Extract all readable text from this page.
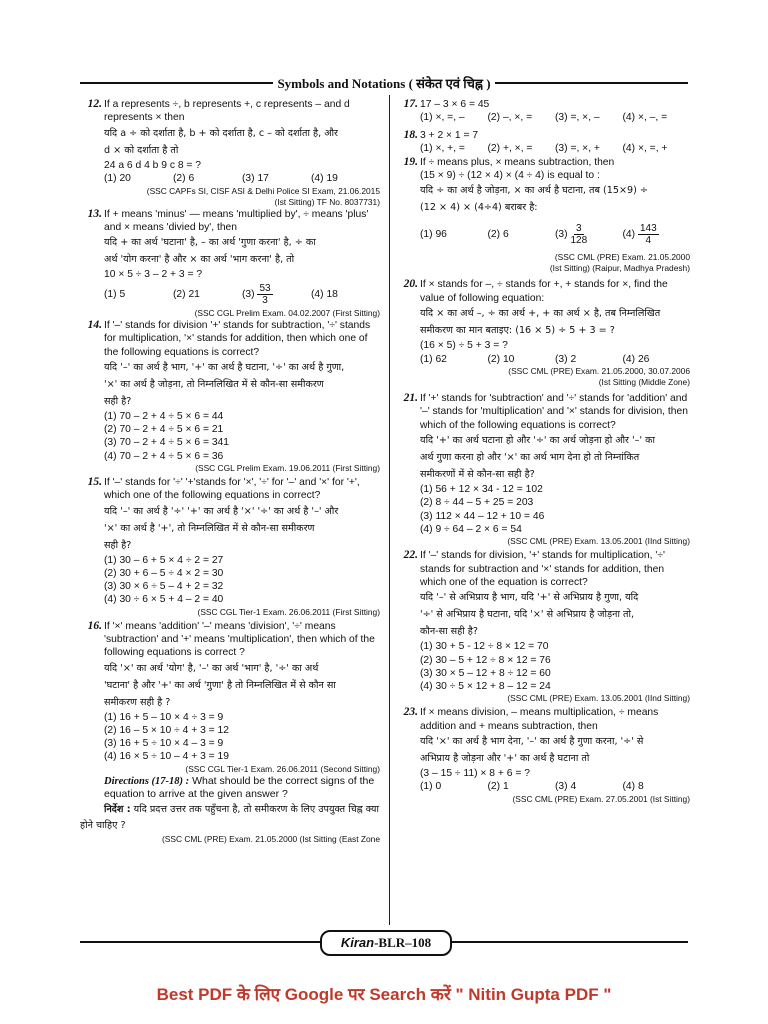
Symbols and Notations ( संकेत एवं चिह्न )
12. If a represents ÷, b represents +, c represents – and d represents × then
यदि a ÷ को दर्शाता है, b + को दर्शाता है, c – को दर्शाता है, और
d × को दर्शाता है तो
24 a 6 d 4 b 9 c 8 = ?
(1) 20	(2) 6	(3) 17	(4) 19
(SSC CAPFs SI, CISF ASI & Delhi Police SI Exam, 21.06.2015
(Ist Sitting) TF No. 8037731)
13. If + means 'minus' — means 'multiplied by', ÷ means 'plus' and × means 'divied by', then
यदि + का अर्थ 'घटाना' है, – का अर्थ 'गुणा करना' है, ÷ का
अर्थ 'योग करना' है और × का अर्थ 'भाग करना' है, तो
10 × 5 ÷ 3 – 2 + 3 = ?
(1) 5	(2) 21	$(3) \frac{53}{3}$	(4) 18
(SSC CGL Prelim Exam. 04.02.2007 (First Sitting)
14. If '–' stands for division '+' stands for subtraction, '÷' stands for multiplication, '×' stands for addition, then which one of the following equations is correct?
यदि '–' का अर्थ है भाग, '+' का अर्थ है घटाना, '÷' का अर्थ है गुणा,
'×' का अर्थ है जोड़ना, तो निम्नलिखित में से कौन-सा समीकरण
सही है?
(1) 70 – 2 + 4 ÷ 5 × 6 = 44
(2) 70 – 2 + 4 ÷ 5 × 6 = 21
(3) 70 – 2 + 4 ÷ 5 × 6 = 341
(4) 70 – 2 + 4 ÷ 5 × 6 = 36
(SSC CGL Prelim Exam. 19.06.2011 (First Sitting)
15. If '–' stands for '÷' '+'stands for '×', '÷' for '–' and '×' for '+', which one of the following equations in correct?
यदि '–' का अर्थ है '÷' '+' का अर्थ है '×' '÷' का अर्थ है '–' और
'×' का अर्थ है '+', तो निम्नलिखित में से कौन-सा समीकरण
सही है?
(1) 30 – 6 + 5 × 4 ÷ 2 = 27
(2) 30 + 6 – 5 ÷ 4 × 2 = 30
(3) 30 × 6 ÷ 5 – 4 + 2 = 32
(4) 30 ÷ 6 × 5 + 4 – 2 = 40
(SSC CGL Tier-1 Exam. 26.06.2011 (First Sitting)
16. If '×' means 'addition' '–' means 'division', '÷' means 'subtraction' and '+' means 'multiplication', then which of the following equations is correct ?
यदि '×' का अर्थ 'योग' है, '–' का अर्थ 'भाग' है, '÷' का अर्थ
'घटाना' है और '+' का अर्थ 'गुणा' है तो निम्नलिखित में से कौन सा
समीकरण सही है ?
(1) 16 + 5 – 10 × 4 ÷ 3 = 9
(2) 16 – 5 × 10 ÷ 4 + 3 = 12
(3) 16 + 5 ÷ 10 × 4 – 3 = 9
(4) 16 × 5 ÷ 10 – 4 + 3 = 19
(SSC CGL Tier-1 Exam. 26.06.2011 (Second Sitting)
Directions (17-18) : What should be the correct signs of the equation to arrive at the given answer ?
निर्देश : यदि प्रदत्त उत्तर तक पहुँचना है, तो समीकरण के लिए उपयुक्त चिह्न क्या होने चाहिए ?
(SSC CML (PRE) Exam. 21.05.2000 (Ist Sitting (East Zone
17. 17 – 3 × 6 = 45
(1) ×, =, –	(2) –, ×, =	(3) =, ×, –	(4) ×, –, =
18. 3 + 2 × 1 = 7
(1) ×, +, =	(2) +, ×, =	(3) =, ×, +	(4) ×, =, +
19. If ÷ means plus, × means subtraction, then
(15 × 9) ÷ (12 × 4) × (4 ÷ 4) is equal to :
यदि ÷ का अर्थ है जोड़ना, × का अर्थ है घटाना, तब (15×9) ÷
(12 × 4) × (4÷4) बराबर है:
(1) 96	(2) 6	$(3) \frac{3}{128}$	$(4) \frac{143}{4}$
(SSC CML (PRE) Exam. 21.05.2000
(Ist Sitting) (Raipur, Madhya Pradesh)
20. If × stands for –, ÷ stands for +, + stands for ×, find the value of following equation:
यदि × का अर्थ –, ÷ का अर्थ +, + का अर्थ × है, तब निम्नलिखित
समीकरण का मान बताइए: (16 × 5) ÷ 5 + 3 = ?
(16 × 5) ÷ 5 + 3 = ?
(1) 62	(2) 10	(3) 2	(4) 26
(SSC CML (PRE) Exam. 21.05.2000, 30.07.2006
(Ist Sitting (Middle Zone)
21. If '+' stands for 'subtraction' and '÷' stands for 'addition' and '–' stands for 'multiplication' and '×' stands for division, then which of the following equations is correct?
यदि '+' का अर्थ घटाना हो और '÷' का अर्थ जोड़ना हो और '–' का
अर्थ गुणा करना हो और '×' का अर्थ भाग देना हो तो निम्नांकित
समीकरणों में से कौन-सा सही है?
(1) 56 + 12 × 34 - 12 = 102
(2) 8 ÷ 44 – 5 + 25 = 203
(3) 112 × 44 – 12 + 10 = 46
(4) 9 ÷ 64 – 2 × 6 = 54
(SSC CML (PRE) Exam. 13.05.2001 (IInd Sitting)
22. If '–' stands for division, '+' stands for multiplication, '÷' stands for subtraction and '×' stands for addition, then which one of the equation is correct?
यदि '–' से अभिप्राय है भाग, यदि '+' से अभिप्राय है गुणा, यदि
'÷' से अभिप्राय है घटाना, यदि '×' से अभिप्राय है जोड़ना तो,
कौन-सा सही है?
(1) 30 + 5 - 12 ÷ 8 × 12 = 70
(2) 30 – 5 + 12 ÷ 8 × 12 = 76
(3) 30 × 5 – 12 + 8 ÷ 12 = 60
(4) 30 ÷ 5 × 12 + 8 – 12 = 24
(SSC CML (PRE) Exam. 13.05.2001 (IInd Sitting)
23. If × means division, – means multiplication, ÷ means addition and + means subtraction, then
यदि '×' का अर्थ है भाग देना, '–' का अर्थ है गुणा करना, '÷' से
अभिप्राय है जोड़ना और '+' का अर्थ है घटाना तो
(3 – 15 ÷ 11) × 8 + 6 = ?
(1) 0	(2) 1	(3) 4	(4) 8
(SSC CML (PRE) Exam. 27.05.2001 (Ist Sitting)
Kiran-BLR–108
Best PDF के लिए Google पर Search करें " Nitin Gupta PDF "
